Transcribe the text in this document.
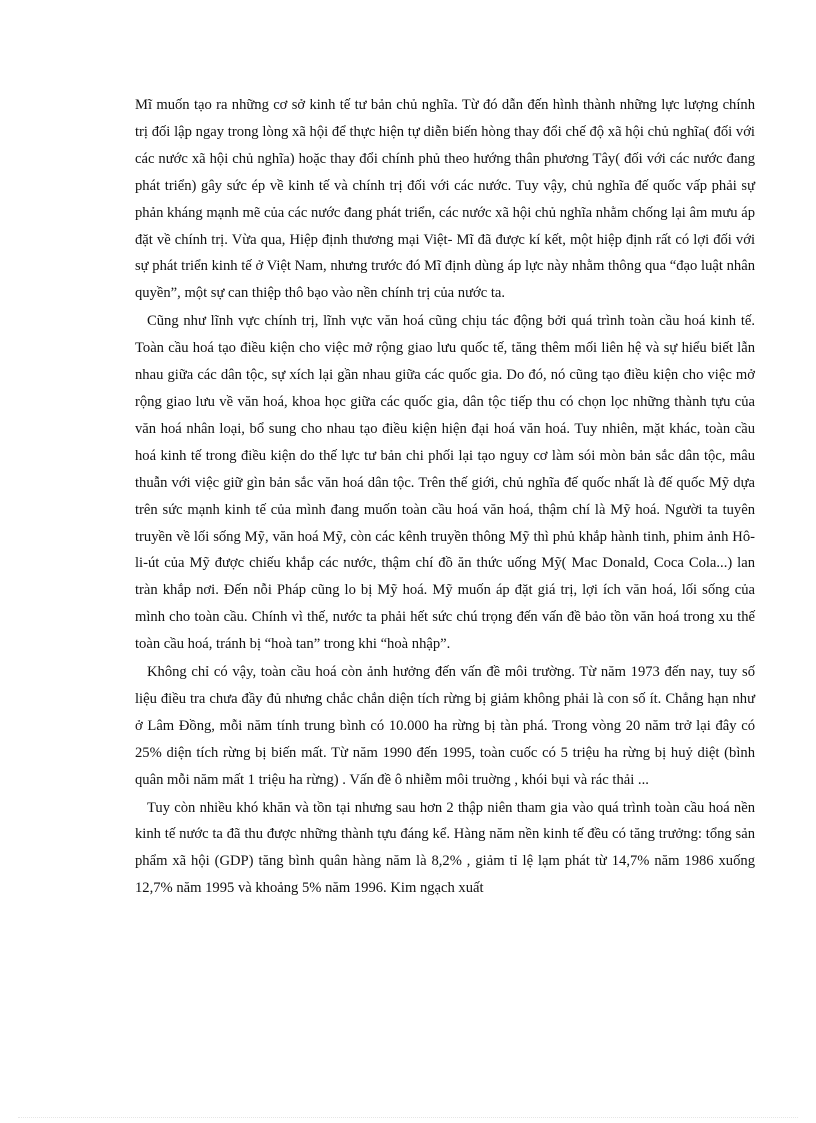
Mĩ muốn tạo ra những cơ sở kinh tế tư bản chủ nghĩa. Từ đó dẫn đến hình thành những lực lượng chính trị đối lập ngay trong lòng xã hội để thực hiện tự diễn biến hòng thay đổi chế độ xã hội chủ nghĩa( đối với các nước xã hội chủ nghĩa) hoặc thay đổi chính phủ theo hướng thân phương Tây( đối với các nước đang phát triển) gây sức ép về kinh tế và chính trị đối với các nước. Tuy vậy, chủ nghĩa đế quốc vấp phải sự phản kháng mạnh mẽ của các nước đang phát triển, các nước xã hội chủ nghĩa nhằm chống lại âm mưu áp đặt về chính trị. Vừa qua, Hiệp định thương mại Việt- Mĩ đã được kí kết, một hiệp định rất có lợi đối với sự phát triển kinh tế ở Việt Nam, nhưng trước đó Mĩ định dùng áp lực này nhằm thông qua “đạo luật nhân quyền”, một sự can thiệp thô bạo vào nền chính trị của nước ta.

Cũng như lĩnh vực chính trị, lĩnh vực văn hoá cũng chịu tác động bởi quá trình toàn cầu hoá kinh tế. Toàn cầu hoá tạo điều kiện cho việc mở rộng giao lưu quốc tế, tăng thêm mối liên hệ và sự hiểu biết lẫn nhau giữa các dân tộc, sự xích lại gần nhau giữa các quốc gia. Do đó, nó cũng tạo điều kiện cho việc mở rộng giao lưu về văn hoá, khoa học giữa các quốc gia, dân tộc tiếp thu có chọn lọc những thành tựu của văn hoá nhân loại, bổ sung cho nhau tạo điều kiện hiện đại hoá văn hoá. Tuy nhiên, mặt khác, toàn cầu hoá kinh tế trong điều kiện do thế lực tư bản chi phối lại tạo nguy cơ làm sói mòn bản sắc dân tộc, mâu thuẫn với việc giữ gìn bản sắc văn hoá dân tộc. Trên thế giới, chủ nghĩa đế quốc nhất là đế quốc Mỹ dựa trên sức mạnh kinh tế của mình đang muốn toàn cầu hoá văn hoá, thậm chí là Mỹ hoá. Người ta tuyên truyền về lối sống Mỹ, văn hoá Mỹ, còn các kênh truyền thông Mỹ thì phủ khắp hành tinh, phim ảnh Hô-li-út của Mỹ được chiếu khắp các nước, thậm chí đồ ăn thức uống Mỹ( Mac Donald, Coca Cola...) lan tràn khắp nơi. Đến nỗi Pháp cũng lo bị Mỹ hoá. Mỹ muốn áp đặt giá trị, lợi ích văn hoá, lối sống của mình cho toàn cầu. Chính vì thế, nước ta phải hết sức chú trọng đến vấn đề bảo tồn văn hoá trong xu thế toàn cầu hoá, tránh bị “hoà tan” trong khi “hoà nhập”.

Không chỉ có vậy, toàn cầu hoá còn ảnh hưởng đến vấn đề môi trường. Từ năm 1973 đến nay, tuy số liệu điều tra chưa đầy đủ nhưng chắc chắn diện tích rừng bị giảm không phải là con số ít. Chẳng hạn như ở Lâm Đồng, mỗi năm tính trung bình có 10.000 ha rừng bị tàn phá. Trong vòng 20 năm trở lại đây có 25% diện tích rừng bị biến mất. Từ năm 1990 đến 1995, toàn cuốc có 5 triệu ha rừng bị huỷ diệt (bình quân mỗi năm mất 1 triệu ha rừng) . Vấn đề ô nhiễm môi truờng , khói bụi và rác thải ...

Tuy còn nhiều khó khăn và tồn tại nhưng sau hơn 2 thập niên tham gia vào quá trình toàn cầu hoá nền kinh tế nước ta đã thu được những thành tựu đáng kể. Hàng năm nền kinh tế đều có tăng trưởng: tổng sản phẩm xã hội (GDP) tăng bình quân hàng năm là 8,2% , giảm tỉ lệ lạm phát từ 14,7% năm 1986 xuống 12,7% năm 1995 và khoảng 5% năm 1996. Kim ngạch xuất
